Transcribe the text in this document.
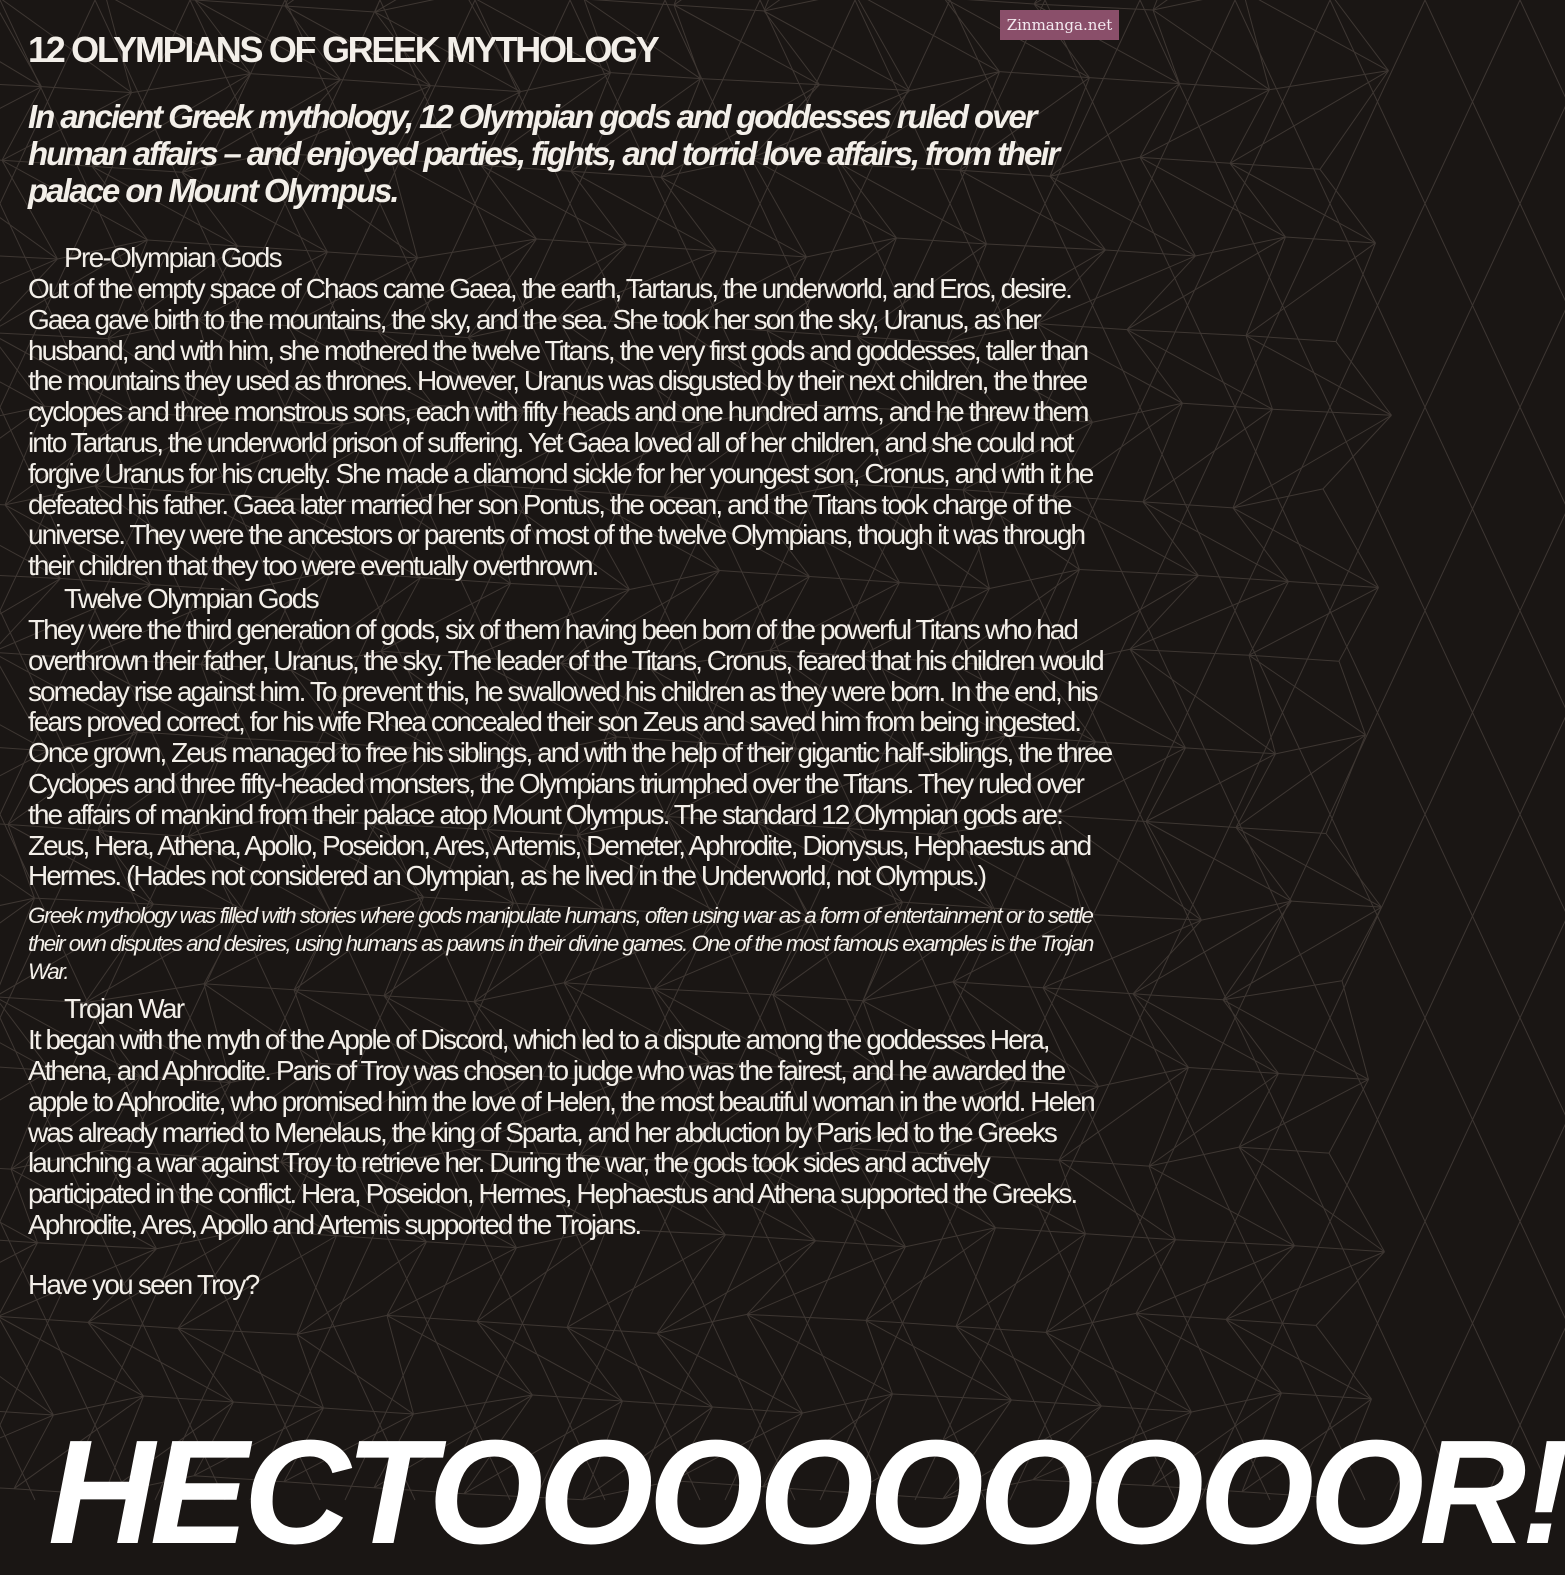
Zinmanga.net
12 OLYMPIANS OF GREEK MYTHOLOGY

In ancient Greek mythology, 12 Olympian gods and goddesses ruled over human affairs – and enjoyed parties, fights, and torrid love affairs, from their palace on Mount Olympus.

Pre-Olympian Gods

Out of the empty space of Chaos came Gaea, the earth, Tartarus, the underworld, and Eros, desire. Gaea gave birth to the mountains, the sky, and the sea. She took her son the sky, Uranus, as her husband, and with him, she mothered the twelve Titans, the very first gods and goddesses, taller than the mountains they used as thrones. However, Uranus was disgusted by their next children, the three cyclopes and three monstrous sons, each with fifty heads and one hundred arms, and he threw them into Tartarus, the underworld prison of suffering. Yet Gaea loved all of her children, and she could not forgive Uranus for his cruelty. She made a diamond sickle for her youngest son, Cronus, and with it he defeated his father. Gaea later married her son Pontus, the ocean, and the Titans took charge of the universe. They were the ancestors or parents of most of the twelve Olympians, though it was through their children that they too were eventually overthrown.

Twelve Olympian Gods

They were the third generation of gods, six of them having been born of the powerful Titans who had overthrown their father, Uranus, the sky. The leader of the Titans, Cronus, feared that his children would someday rise against him. To prevent this, he swallowed his children as they were born. In the end, his fears proved correct, for his wife Rhea concealed their son Zeus and saved him from being ingested. Once grown, Zeus managed to free his siblings, and with the help of their gigantic half-siblings, the three Cyclopes and three fifty-headed monsters, the Olympians triumphed over the Titans. They ruled over the affairs of mankind from their palace atop Mount Olympus. The standard 12 Olympian gods are: Zeus, Hera, Athena, Apollo, Poseidon, Ares, Artemis, Demeter, Aphrodite, Dionysus, Hephaestus and Hermes. (Hades not considered an Olympian, as he lived in the Underworld, not Olympus.)

Greek mythology was filled with stories where gods manipulate humans, often using war as a form of entertainment or to settle their own disputes and desires, using humans as pawns in their divine games. One of the most famous examples is the Trojan War.

Trojan War

It began with the myth of the Apple of Discord, which led to a dispute among the goddesses Hera, Athena, and Aphrodite. Paris of Troy was chosen to judge who was the fairest, and he awarded the apple to Aphrodite, who promised him the love of Helen, the most beautiful woman in the world. Helen was already married to Menelaus, the king of Sparta, and her abduction by Paris led to the Greeks launching a war against Troy to retrieve her. During the war, the gods took sides and actively participated in the conflict. Hera, Poseidon, Hermes, Hephaestus and Athena supported the Greeks. Aphrodite, Ares, Apollo and Artemis supported the Trojans.

Have you seen Troy?

HECTOOOOOOOOOR!
